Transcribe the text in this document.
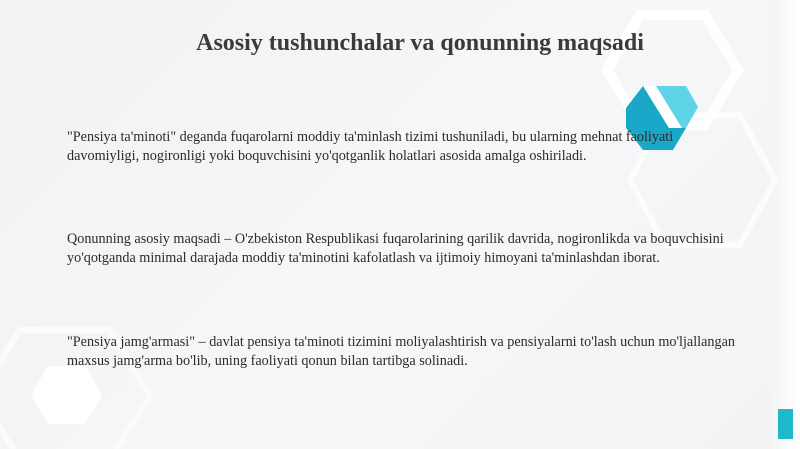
Asosiy tushunchalar va qonunning maqsadi

"Pensiya ta'minoti" deganda fuqarolarni moddiy ta'minlash tizimi tushuniladi, bu ularning mehnat faoliyati davomiyligi, nogironligi yoki boquvchisini yo'qotganlik holatlari asosida amalga oshiriladi.

Qonunning asosiy maqsadi – O'zbekiston Respublikasi fuqarolarining qarilik davrida, nogironlikda va boquvchisini yo'qotganda minimal darajada moddiy ta'minotini kafolatlash va ijtimoiy himoyani ta'minlashdan iborat.

"Pensiya jamg'armasi" – davlat pensiya ta'minoti tizimini moliyalashtirish va pensiyalarni to'lash uchun mo'ljallangan maxsus jamg'arma bo'lib, uning faoliyati qonun bilan tartibga solinadi.
